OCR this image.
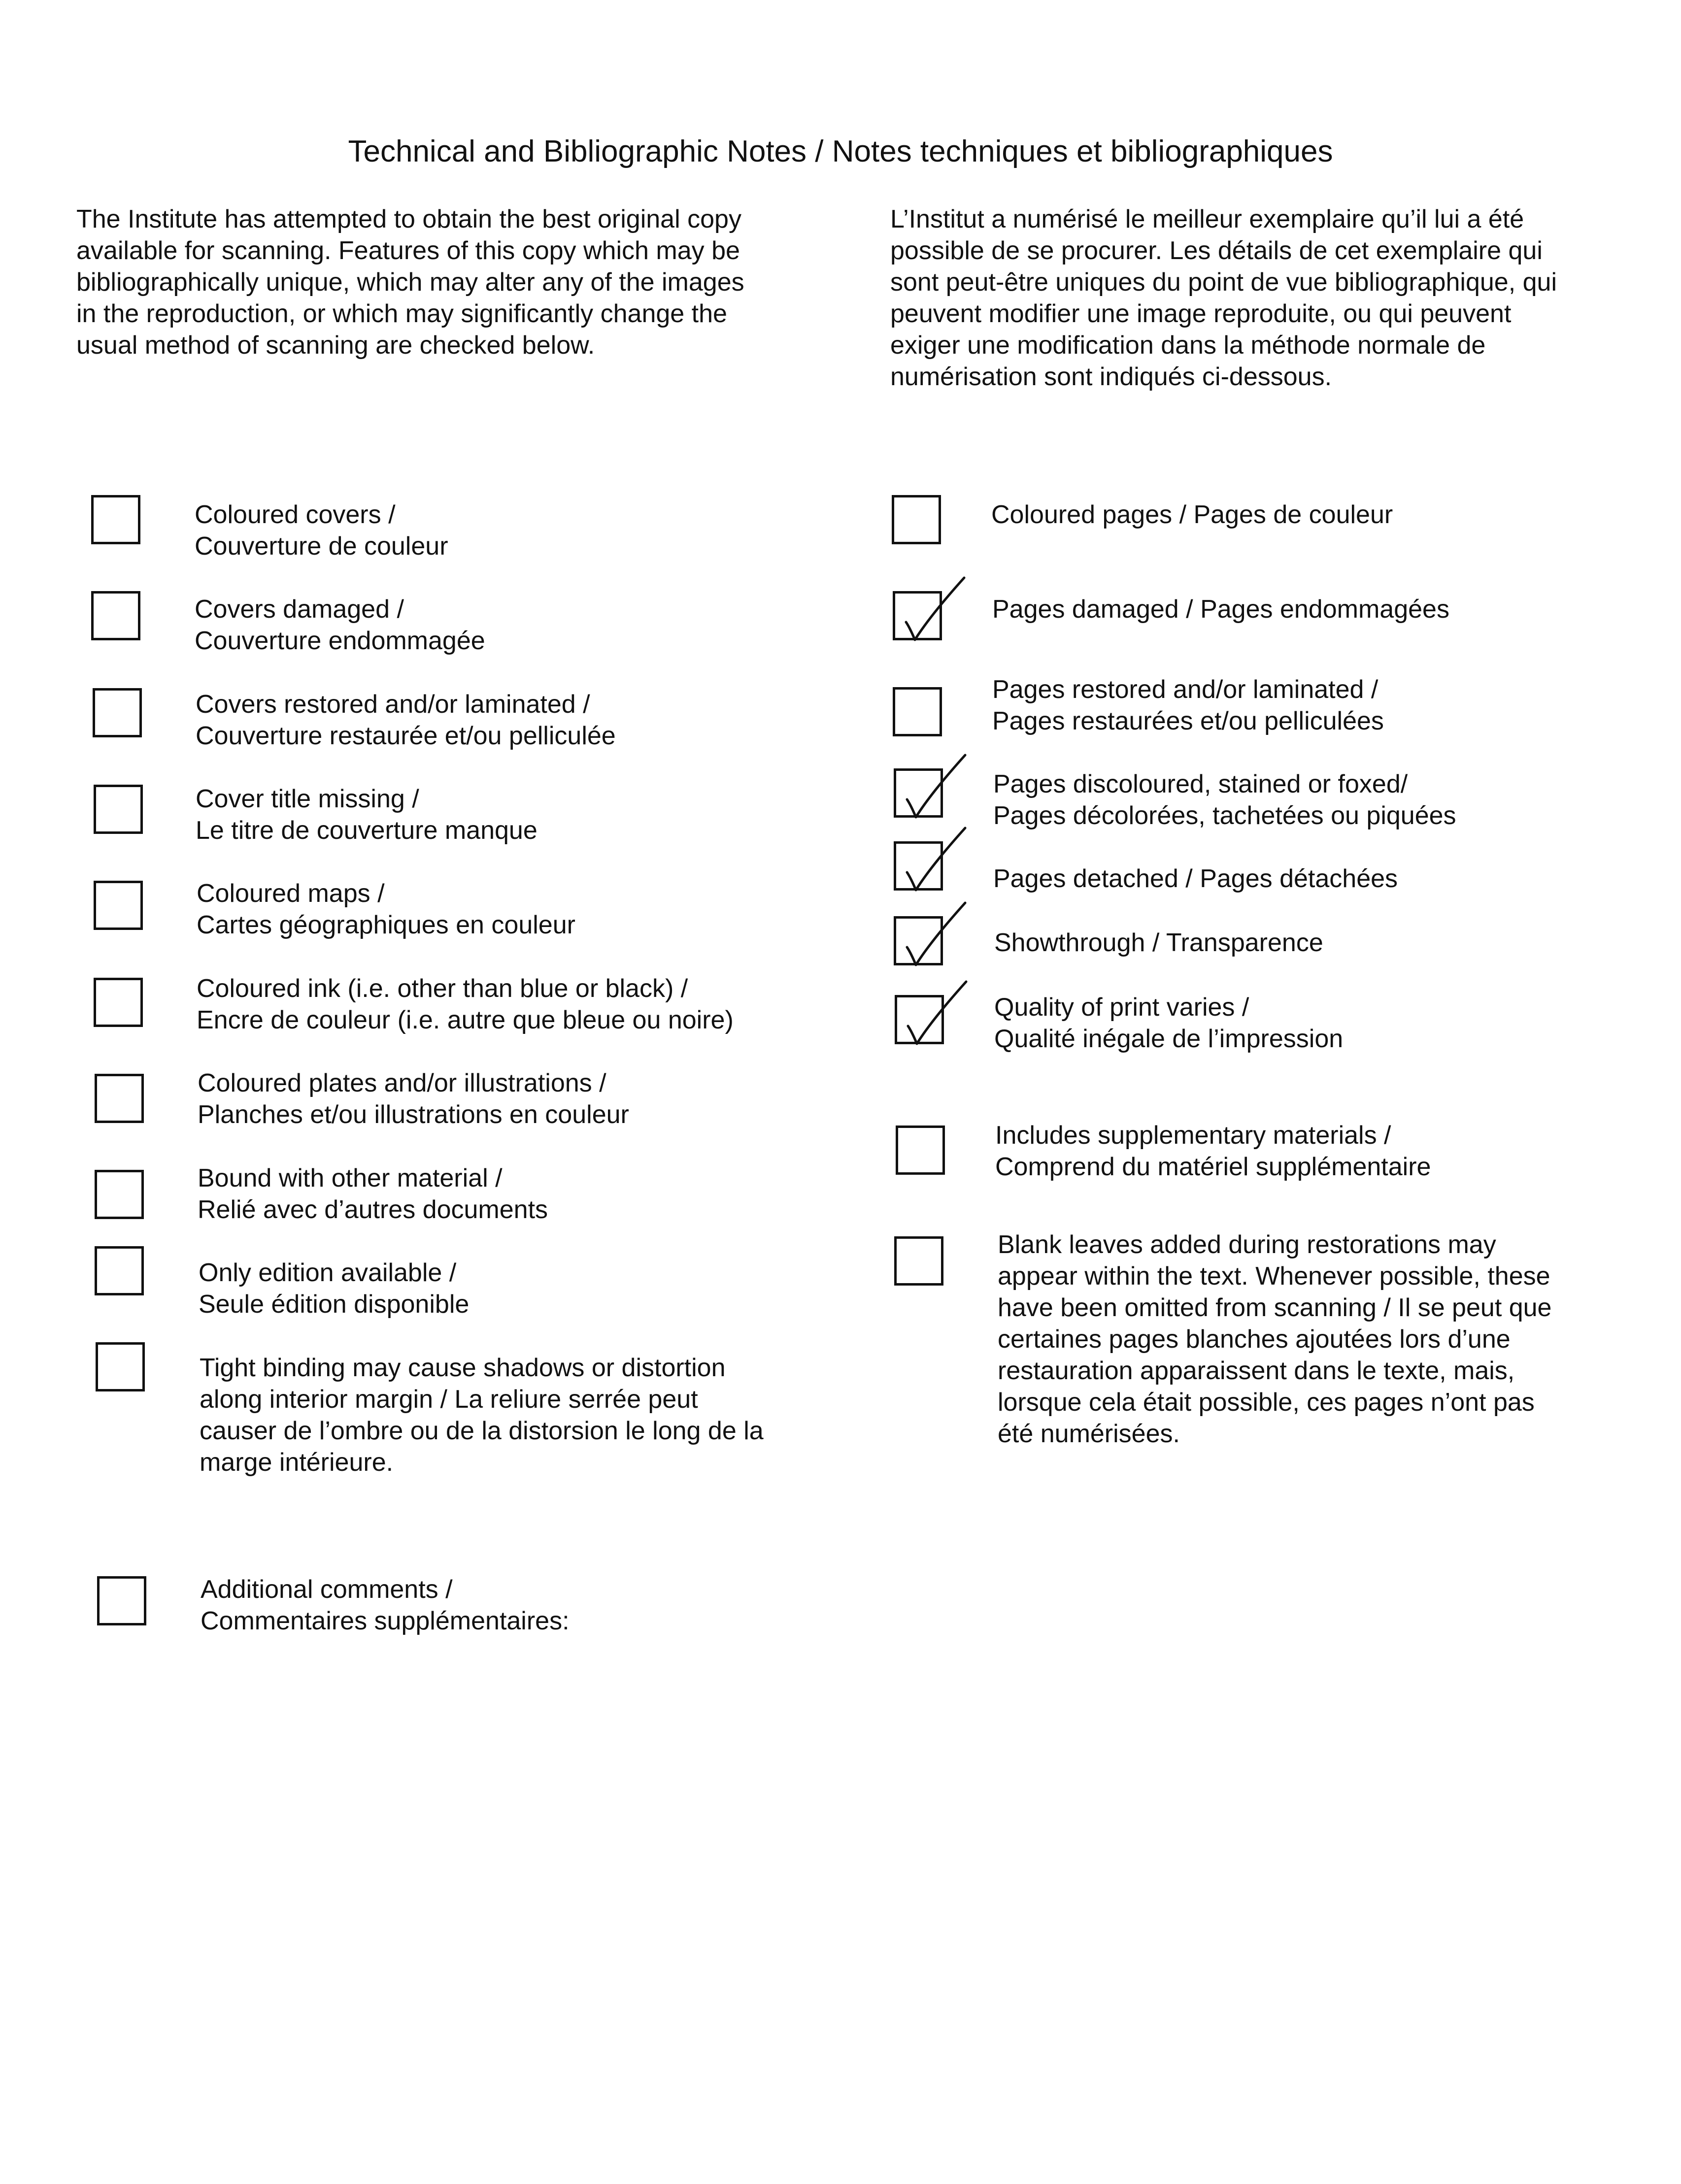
Technical and Bibliographic Notes / Notes techniques et bibliographiques
The Institute has attempted to obtain the best original copy
available for scanning. Features of this copy which may be
bibliographically unique, which may alter any of the images
in the reproduction, or which may significantly change the
usual method of scanning are checked below.
L’Institut a numérisé le meilleur exemplaire qu’il lui a été
possible de se procurer. Les détails de cet exemplaire qui
sont peut-être uniques du point de vue bibliographique, qui
peuvent modifier une image reproduite, ou qui peuvent
exiger une modification dans la méthode normale de
numérisation sont indiqués ci-dessous.
Coloured covers /
Couverture de couleur
Covers damaged /
Couverture endommagée
Covers restored and/or laminated /
Couverture restaurée et/ou pelliculée
Cover title missing /
Le titre de couverture manque
Coloured maps /
Cartes géographiques en couleur
Coloured ink (i.e. other than blue or black) /
Encre de couleur (i.e. autre que bleue ou noire)
Coloured plates and/or illustrations /
Planches et/ou illustrations en couleur
Bound with other material /
Relié avec d’autres documents
Only edition available /
Seule édition disponible
Tight binding may cause shadows or distortion
along interior margin / La reliure serrée peut
causer de l’ombre ou de la distorsion le long de la
marge intérieure.
Additional comments /
Commentaires supplémentaires:
Coloured pages / Pages de couleur
Pages damaged / Pages endommagées
Pages restored and/or laminated /
Pages restaurées et/ou pelliculées
Pages discoloured, stained or foxed/
Pages décolorées, tachetées ou piquées
Pages detached / Pages détachées
Showthrough / Transparence
Quality of print varies /
Qualité inégale de l’impression
Includes supplementary materials /
Comprend du matériel supplémentaire
Blank leaves added during restorations may
appear within the text. Whenever possible, these
have been omitted from scanning / Il se peut que
certaines pages blanches ajoutées lors d’une
restauration apparaissent dans le texte, mais,
lorsque cela était possible, ces pages n’ont pas
été numérisées.
